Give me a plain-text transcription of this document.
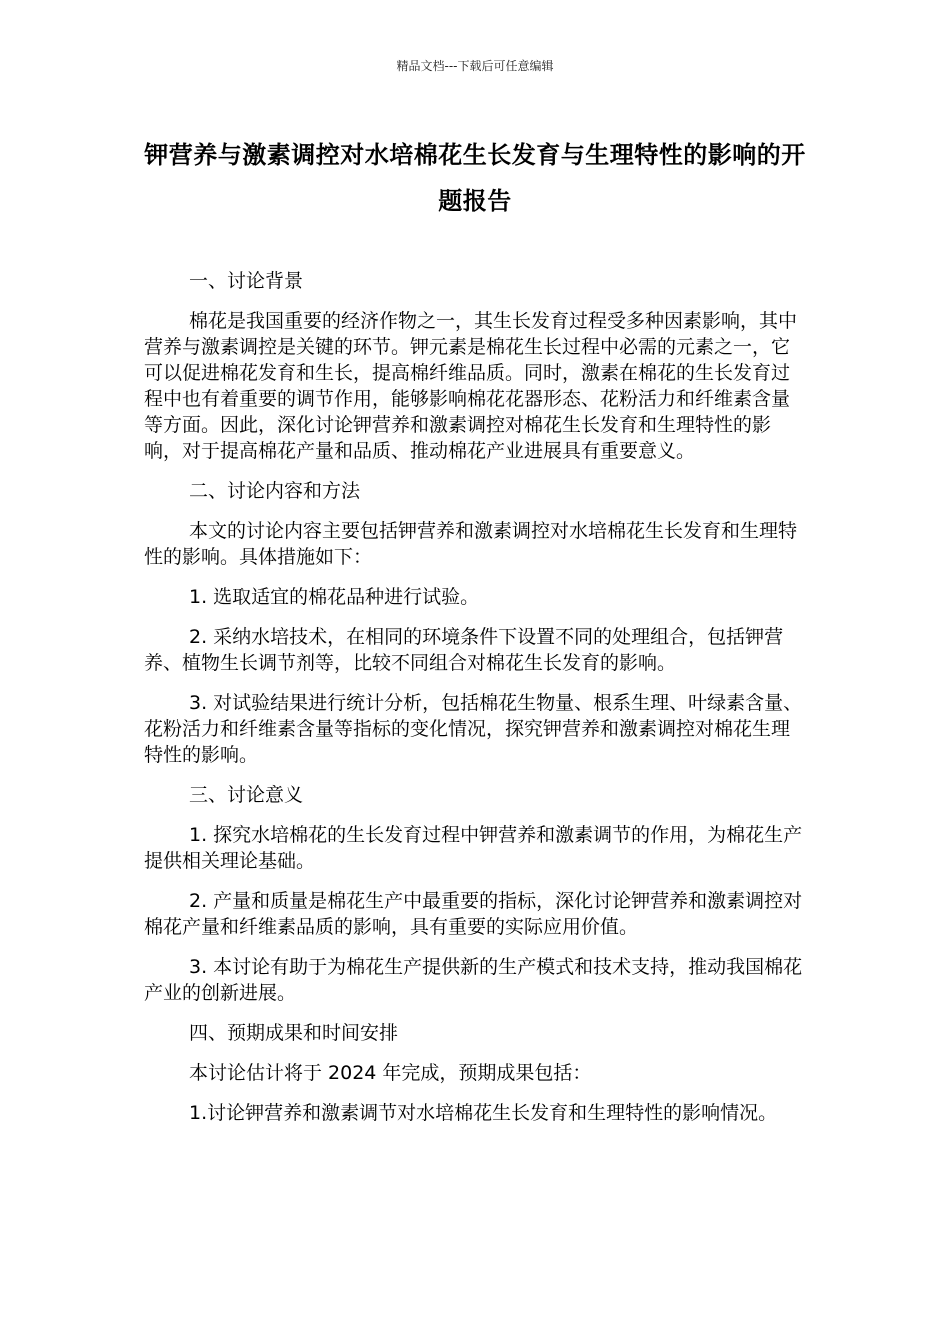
精品文档---下载后可任意编辑
钾营养与激素调控对水培棉花生长发育与生理特性的影响的开题报告

一、讨论背景

棉花是我国重要的经济作物之一，其生长发育过程受多种因素影响，其中营养与激素调控是关键的环节。钾元素是棉花生长过程中必需的元素之一，它可以促进棉花发育和生长，提高棉纤维品质。同时，激素在棉花的生长发育过程中也有着重要的调节作用，能够影响棉花花器形态、花粉活力和纤维素含量等方面。因此，深化讨论钾营养和激素调控对棉花生长发育和生理特性的影响，对于提高棉花产量和品质、推动棉花产业进展具有重要意义。

二、讨论内容和方法

本文的讨论内容主要包括钾营养和激素调控对水培棉花生长发育和生理特性的影响。具体措施如下：

1. 选取适宜的棉花品种进行试验。

2. 采纳水培技术，在相同的环境条件下设置不同的处理组合，包括钾营养、植物生长调节剂等，比较不同组合对棉花生长发育的影响。

3. 对试验结果进行统计分析，包括棉花生物量、根系生理、叶绿素含量、花粉活力和纤维素含量等指标的变化情况，探究钾营养和激素调控对棉花生理特性的影响。

三、讨论意义

1. 探究水培棉花的生长发育过程中钾营养和激素调节的作用，为棉花生产提供相关理论基础。

2. 产量和质量是棉花生产中最重要的指标，深化讨论钾营养和激素调控对棉花产量和纤维素品质的影响，具有重要的实际应用价值。

3. 本讨论有助于为棉花生产提供新的生产模式和技术支持，推动我国棉花产业的创新进展。

四、预期成果和时间安排

本讨论估计将于 2024 年完成，预期成果包括：

1.讨论钾营养和激素调节对水培棉花生长发育和生理特性的影响情况。
